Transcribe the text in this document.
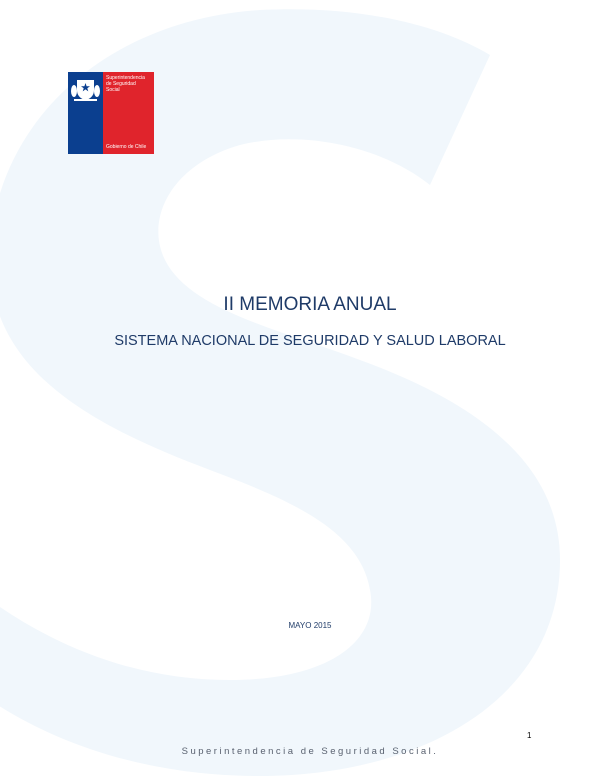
Superintendencia
de Seguridad
Social
Gobierno de Chile
II MEMORIA ANUAL
SISTEMA NACIONAL DE SEGURIDAD Y SALUD LABORAL
MAYO 2015
1
Superintendencia de Seguridad Social.
